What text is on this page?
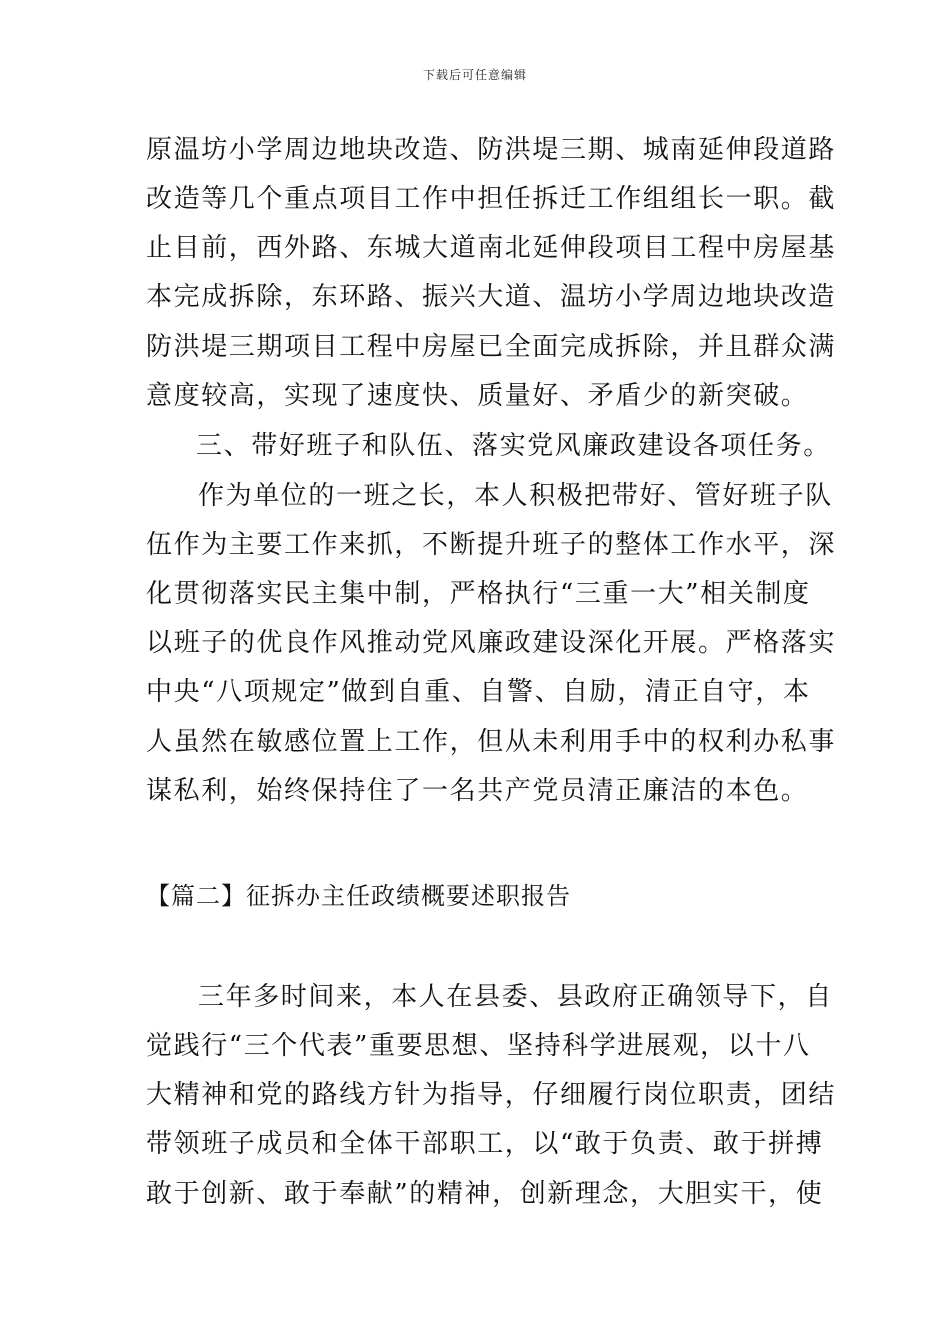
下载后可任意编辑
原温坊小学周边地块改造、防洪堤三期、城南延伸段道路
改造等几个重点项目工作中担任拆迁工作组组长一职。截
止目前，西外路、东城大道南北延伸段项目工程中房屋基
本完成拆除，东环路、振兴大道、温坊小学周边地块改造
防洪堤三期项目工程中房屋已全面完成拆除，并且群众满
意度较高，实现了速度快、质量好、矛盾少的新突破。
三、带好班子和队伍、落实党风廉政建设各项任务。
作为单位的一班之长，本人积极把带好、管好班子队
伍作为主要工作来抓，不断提升班子的整体工作水平，深
化贯彻落实民主集中制，严格执行“三重一大”相关制度
以班子的优良作风推动党风廉政建设深化开展。严格落实
中央“八项规定”做到自重、自警、自励，清正自守，本
人虽然在敏感位置上工作，但从未利用手中的权利办私事
谋私利，始终保持住了一名共产党员清正廉洁的本色。
【篇二】征拆办主任政绩概要述职报告
三年多时间来，本人在县委、县政府正确领导下，自
觉践行“三个代表”重要思想、坚持科学进展观，以十八
大精神和党的路线方针为指导，仔细履行岗位职责，团结
带领班子成员和全体干部职工，以“敢于负责、敢于拼搏
敢于创新、敢于奉献”的精神，创新理念，大胆实干，使
